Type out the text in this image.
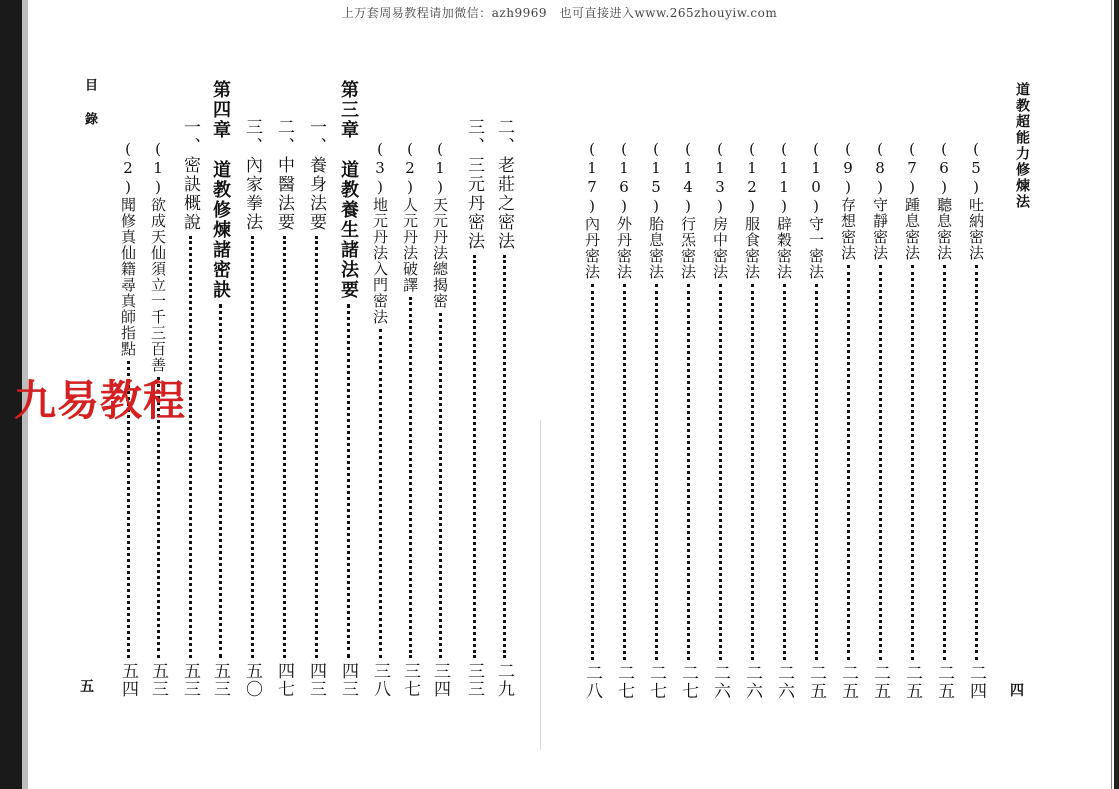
上万套周易教程请加微信：azh9969　也可直接进入www.265zhouyiw.com
目　錄
五
道教超能力修煉法
四
二、老莊之密法
二九
三、三元丹密法
三三
(1)天元丹法總揭密
三四
(2)人元丹法破譯
三七
(3)地元丹法入門密法
三八
第三章　道教養生諸法要
四三
一、養身法要
四三
二、中醫法要
四七
三、內家拳法
五〇
第四章　道教修煉諸密訣
五三
一、密訣概說
五三
(1)欲成天仙須立一千三百善
五三
(2)聞修真仙籍尋真師指點
五四
(5)吐納密法
二四
(6)聽息密法
二五
(7)踵息密法
二五
(8)守靜密法
二五
(9)存想密法
二五
(10)守一密法
二五
(11)辟穀密法
二六
(12)服食密法
二六
(13)房中密法
二六
(14)行炁密法
二七
(15)胎息密法
二七
(16)外丹密法
二七
(17)內丹密法
二八
九易教程
